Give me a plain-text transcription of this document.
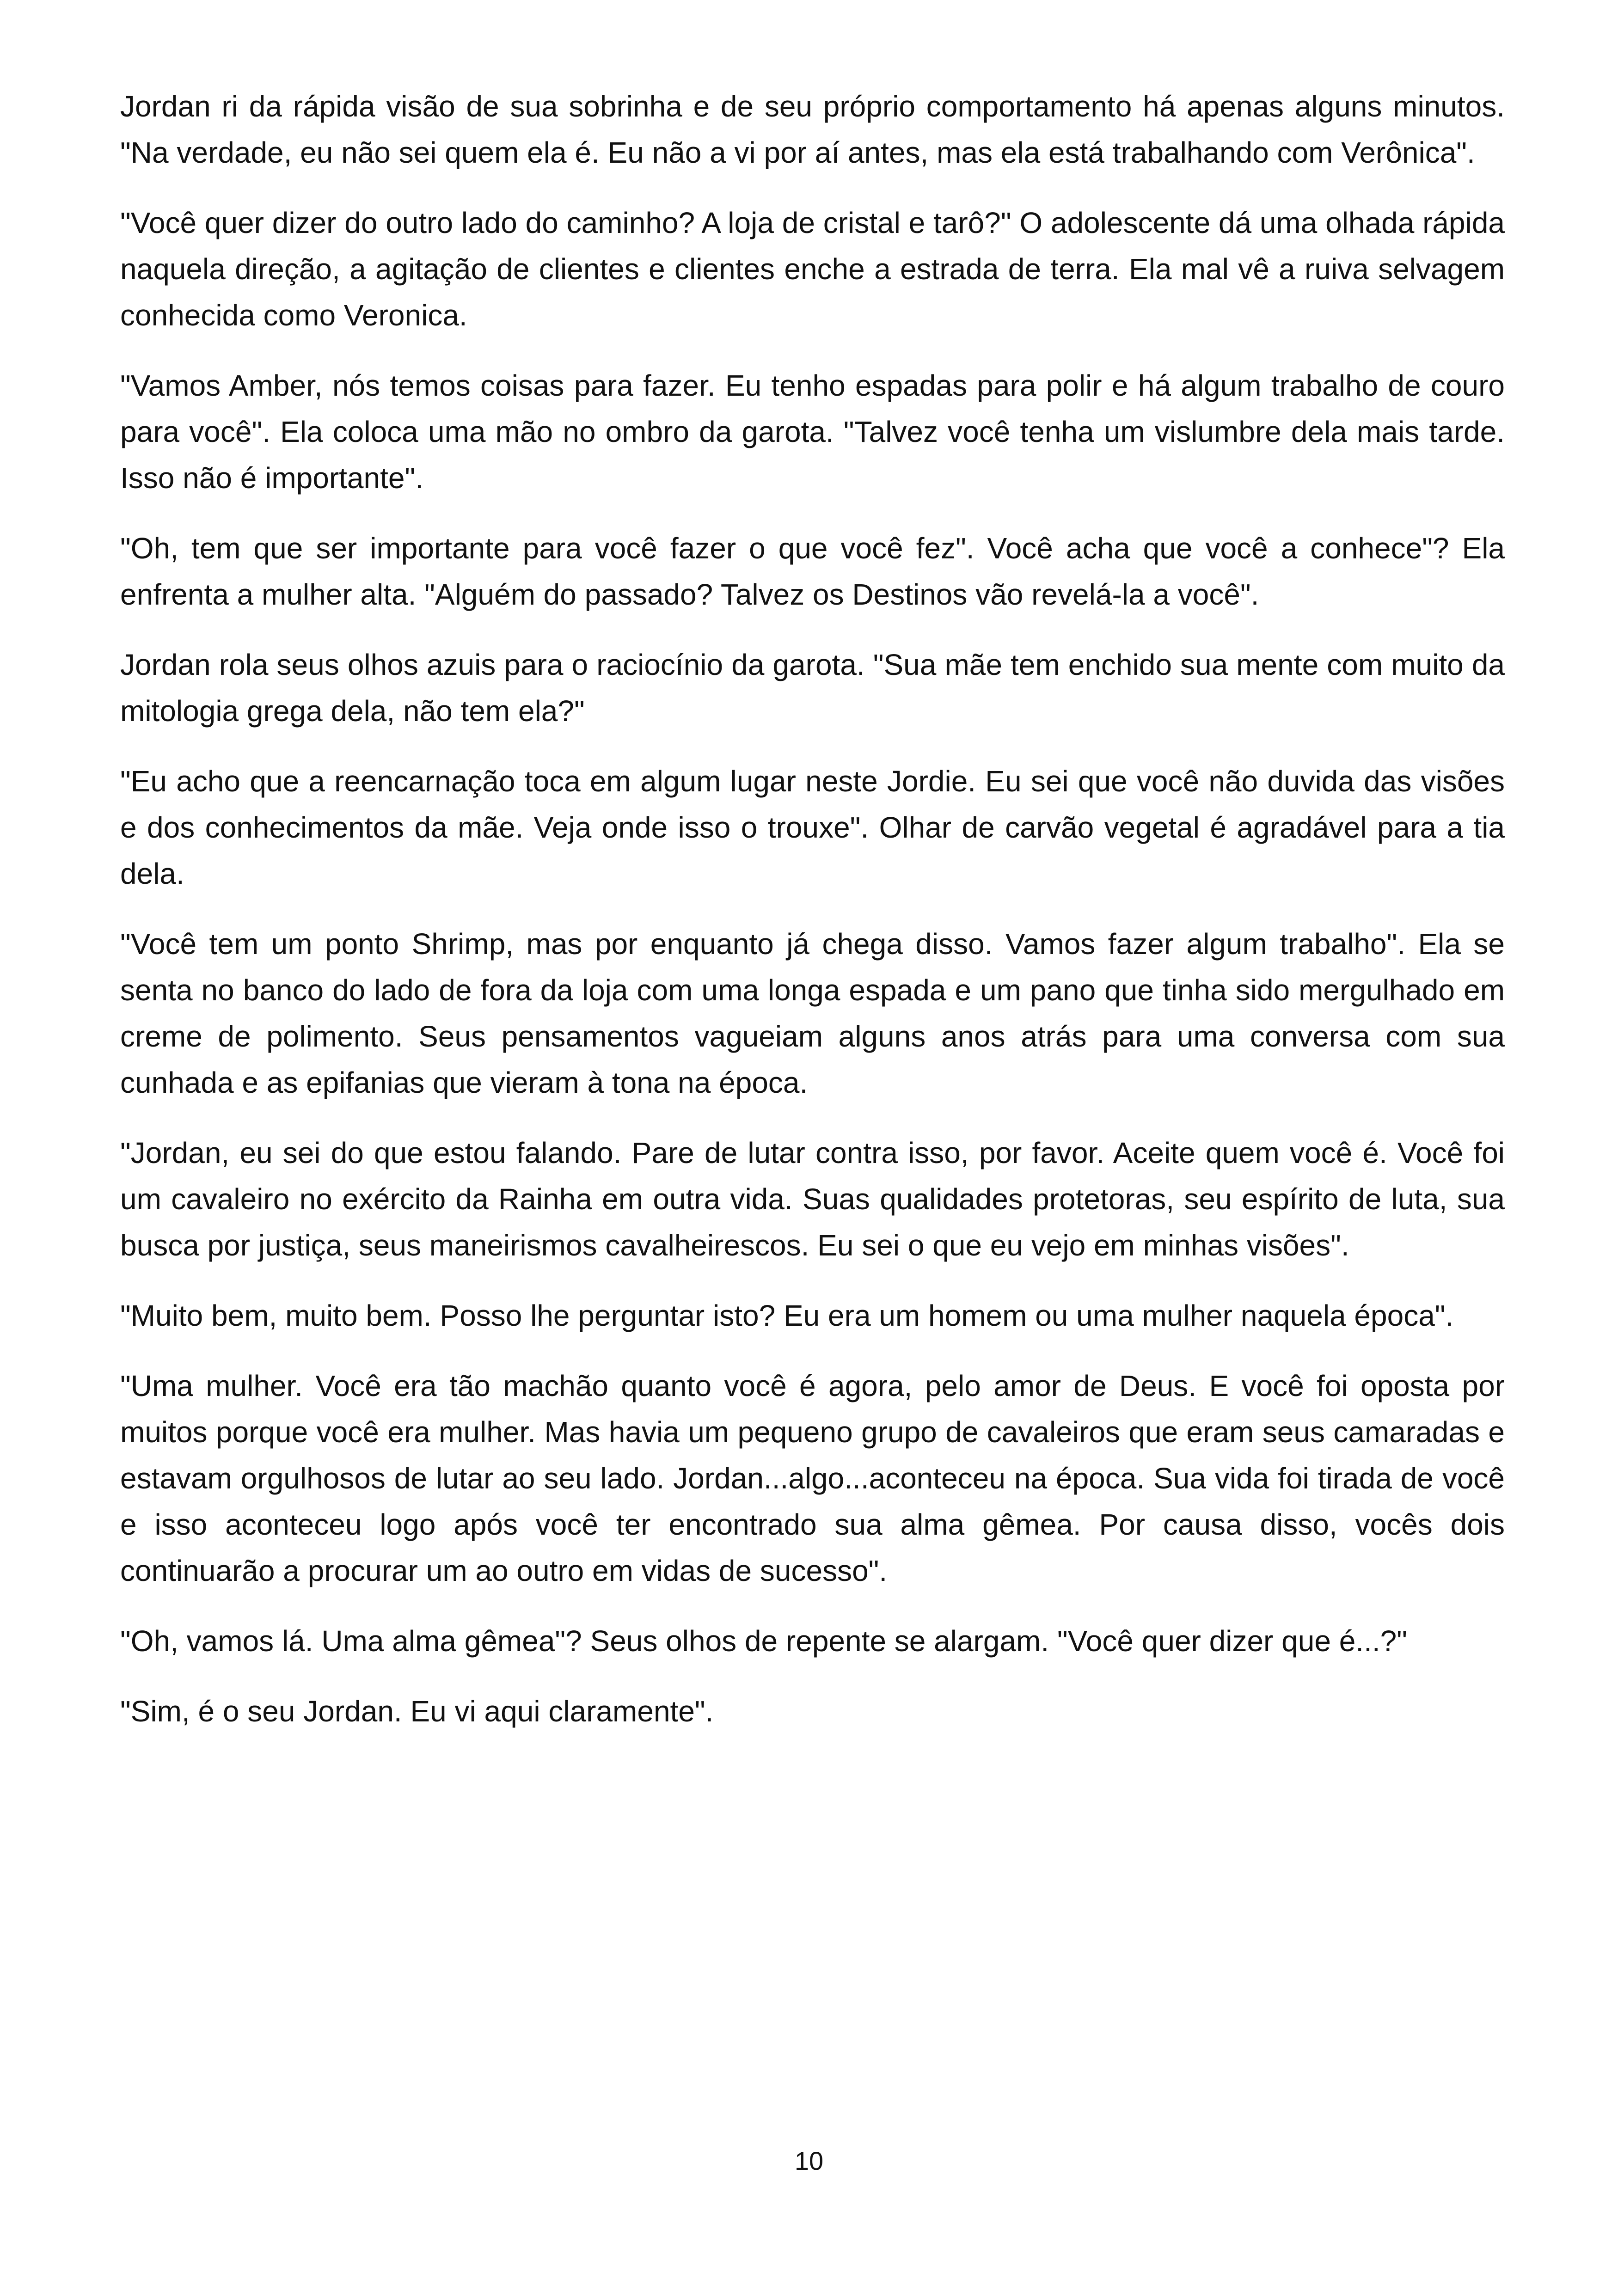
Jordan ri da rápida visão de sua sobrinha e de seu próprio comportamento há apenas alguns minutos. "Na verdade, eu não sei quem ela é. Eu não a vi por aí antes, mas ela está trabalhando com Verônica".

"Você quer dizer do outro lado do caminho? A loja de cristal e tarô?" O adolescente dá uma olhada rápida naquela direção, a agitação de clientes e clientes enche a estrada de terra. Ela mal vê a ruiva selvagem conhecida como Veronica.

"Vamos Amber, nós temos coisas para fazer. Eu tenho espadas para polir e há algum trabalho de couro para você". Ela coloca uma mão no ombro da garota. "Talvez você tenha um vislumbre dela mais tarde. Isso não é importante".

"Oh, tem que ser importante para você fazer o que você fez". Você acha que você a conhece"? Ela enfrenta a mulher alta. "Alguém do passado? Talvez os Destinos vão revelá-la a você".

Jordan rola seus olhos azuis para o raciocínio da garota. "Sua mãe tem enchido sua mente com muito da mitologia grega dela, não tem ela?"

"Eu acho que a reencarnação toca em algum lugar neste Jordie. Eu sei que você não duvida das visões e dos conhecimentos da mãe. Veja onde isso o trouxe". Olhar de carvão vegetal é agradável para a tia dela.

"Você tem um ponto Shrimp, mas por enquanto já chega disso. Vamos fazer algum trabalho". Ela se senta no banco do lado de fora da loja com uma longa espada e um pano que tinha sido mergulhado em creme de polimento. Seus pensamentos vagueiam alguns anos atrás para uma conversa com sua cunhada e as epifanias que vieram à tona na época.

"Jordan, eu sei do que estou falando. Pare de lutar contra isso, por favor. Aceite quem você é. Você foi um cavaleiro no exército da Rainha em outra vida. Suas qualidades protetoras, seu espírito de luta, sua busca por justiça, seus maneirismos cavalheirescos. Eu sei o que eu vejo em minhas visões".

"Muito bem, muito bem. Posso lhe perguntar isto? Eu era um homem ou uma mulher naquela época".

"Uma mulher. Você era tão machão quanto você é agora, pelo amor de Deus. E você foi oposta por muitos porque você era mulher. Mas havia um pequeno grupo de cavaleiros que eram seus camaradas e estavam orgulhosos de lutar ao seu lado. Jordan...algo...aconteceu na época. Sua vida foi tirada de você e isso aconteceu logo após você ter encontrado sua alma gêmea. Por causa disso, vocês dois continuarão a procurar um ao outro em vidas de sucesso".

"Oh, vamos lá. Uma alma gêmea"? Seus olhos de repente se alargam. "Você quer dizer que é...?"

"Sim, é o seu Jordan. Eu vi aqui claramente".

10
